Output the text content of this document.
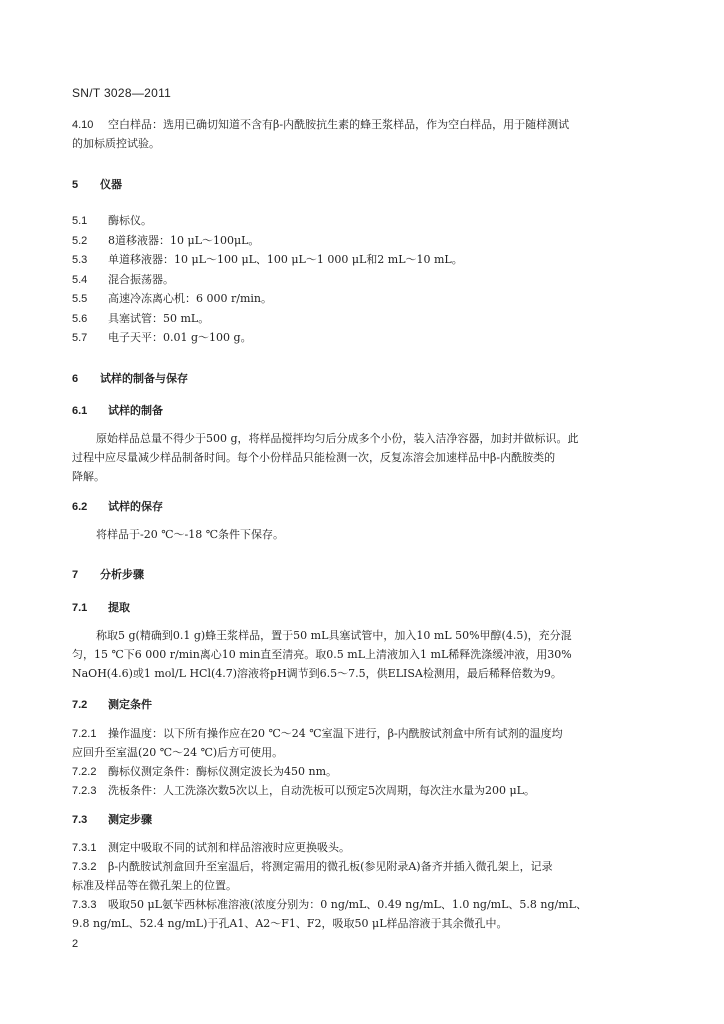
SN/T 3028—2011
4.10 空白样品：选用已确切知道不含有β-内酰胺抗生素的蜂王浆样品，作为空白样品，用于随样测试
的加标质控试验。
5 仪器
5.1 酶标仪。
5.2 8道移液器：10 μL～100μL。
5.3 单道移液器：10 μL～100 μL、100 μL～1 000 μL和2 mL～10 mL。
5.4 混合振荡器。
5.5 高速冷冻离心机：6 000 r/min。
5.6 具塞试管：50 mL。
5.7 电子天平：0.01 g～100 g。
6 试样的制备与保存
6.1 试样的制备
原始样品总量不得少于500 g，将样品搅拌均匀后分成多个小份，装入洁净容器，加封并做标识。此
过程中应尽量减少样品制备时间。每个小份样品只能检测一次，反复冻溶会加速样品中β-内酰胺类的
降解。
6.2 试样的保存
将样品于-20 ℃～-18 ℃条件下保存。
7 分析步骤
7.1 提取
称取5 g(精确到0.1 g)蜂王浆样品，置于50 mL具塞试管中，加入10 mL 50%甲醇(4.5)，充分混
匀，15 ℃下6 000 r/min离心10 min直至清亮。取0.5 mL上清液加入1 mL稀释洗涤缓冲液，用30%
NaOH(4.6)或1 mol/L HCl(4.7)溶液将pH调节到6.5～7.5，供ELISA检测用，最后稀释倍数为9。
7.2 测定条件
7.2.1 操作温度：以下所有操作应在20 ℃～24 ℃室温下进行，β-内酰胺试剂盒中所有试剂的温度均
应回升至室温(20 ℃～24 ℃)后方可使用。
7.2.2 酶标仪测定条件：酶标仪测定波长为450 nm。
7.2.3 洗板条件：人工洗涤次数5次以上，自动洗板可以预定5次周期，每次注水量为200 μL。
7.3 测定步骤
7.3.1 测定中吸取不同的试剂和样品溶液时应更换吸头。
7.3.2 β-内酰胺试剂盒回升至室温后，将测定需用的微孔板(参见附录A)备齐并插入微孔架上，记录
标准及样品等在微孔架上的位置。
7.3.3 吸取50 μL氨苄西林标准溶液(浓度分别为：0 ng/mL、0.49 ng/mL、1.0 ng/mL、5.8 ng/mL、
9.8 ng/mL、52.4 ng/mL)于孔A1、A2～F1、F2，吸取50 μL样品溶液于其余微孔中。
2
